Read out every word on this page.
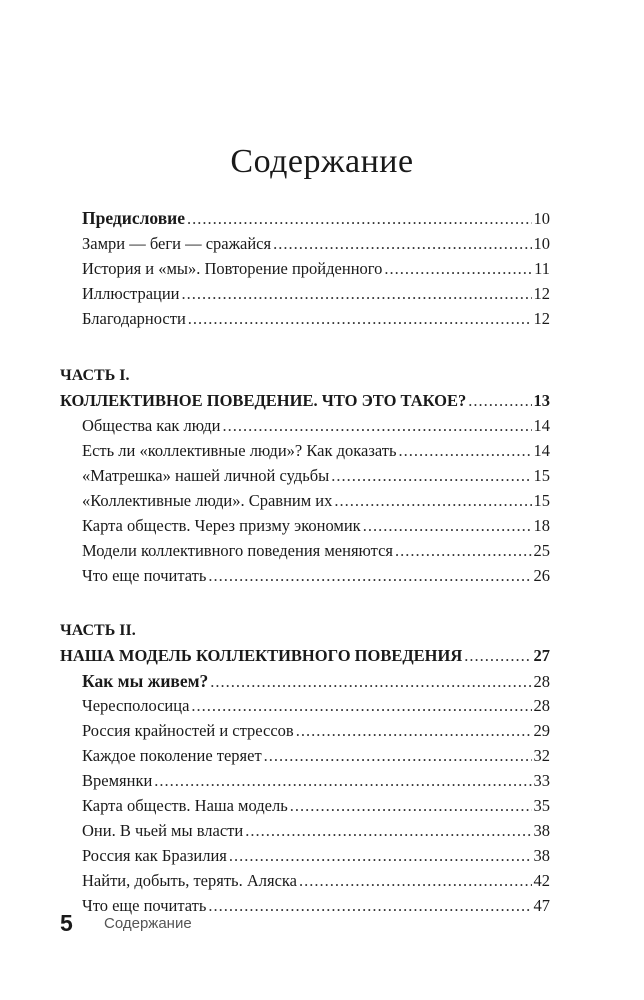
Содержание
Предисловие .....	10
Замри — беги — сражайся .....	10
История и «мы». Повторение пройденного .....	11
Иллюстрации .....	12
Благодарности .....	12
ЧАСТЬ I.
КОЛЛЕКТИВНОЕ ПОВЕДЕНИЕ. ЧТО ЭТО ТАКОЕ? .....	13
Общества как люди .....	14
Есть ли «коллективные люди»? Как доказать .....	14
«Матрешка» нашей личной судьбы .....	15
«Коллективные люди». Сравним их .....	15
Карта обществ. Через призму экономик .....	18
Модели коллективного поведения меняются .....	25
Что еще почитать .....	26
ЧАСТЬ II.
НАША МОДЕЛЬ КОЛЛЕКТИВНОГО ПОВЕДЕНИЯ .....	27
Как мы живем? .....	28
Чересполосица .....	28
Россия крайностей и стрессов .....	29
Каждое поколение теряет .....	32
Времянки .....	33
Карта обществ. Наша модель .....	35
Они. В чьей мы власти .....	38
Россия как Бразилия .....	38
Найти, добыть, терять. Аляска .....	42
Что еще почитать .....	47
5 Содержание
